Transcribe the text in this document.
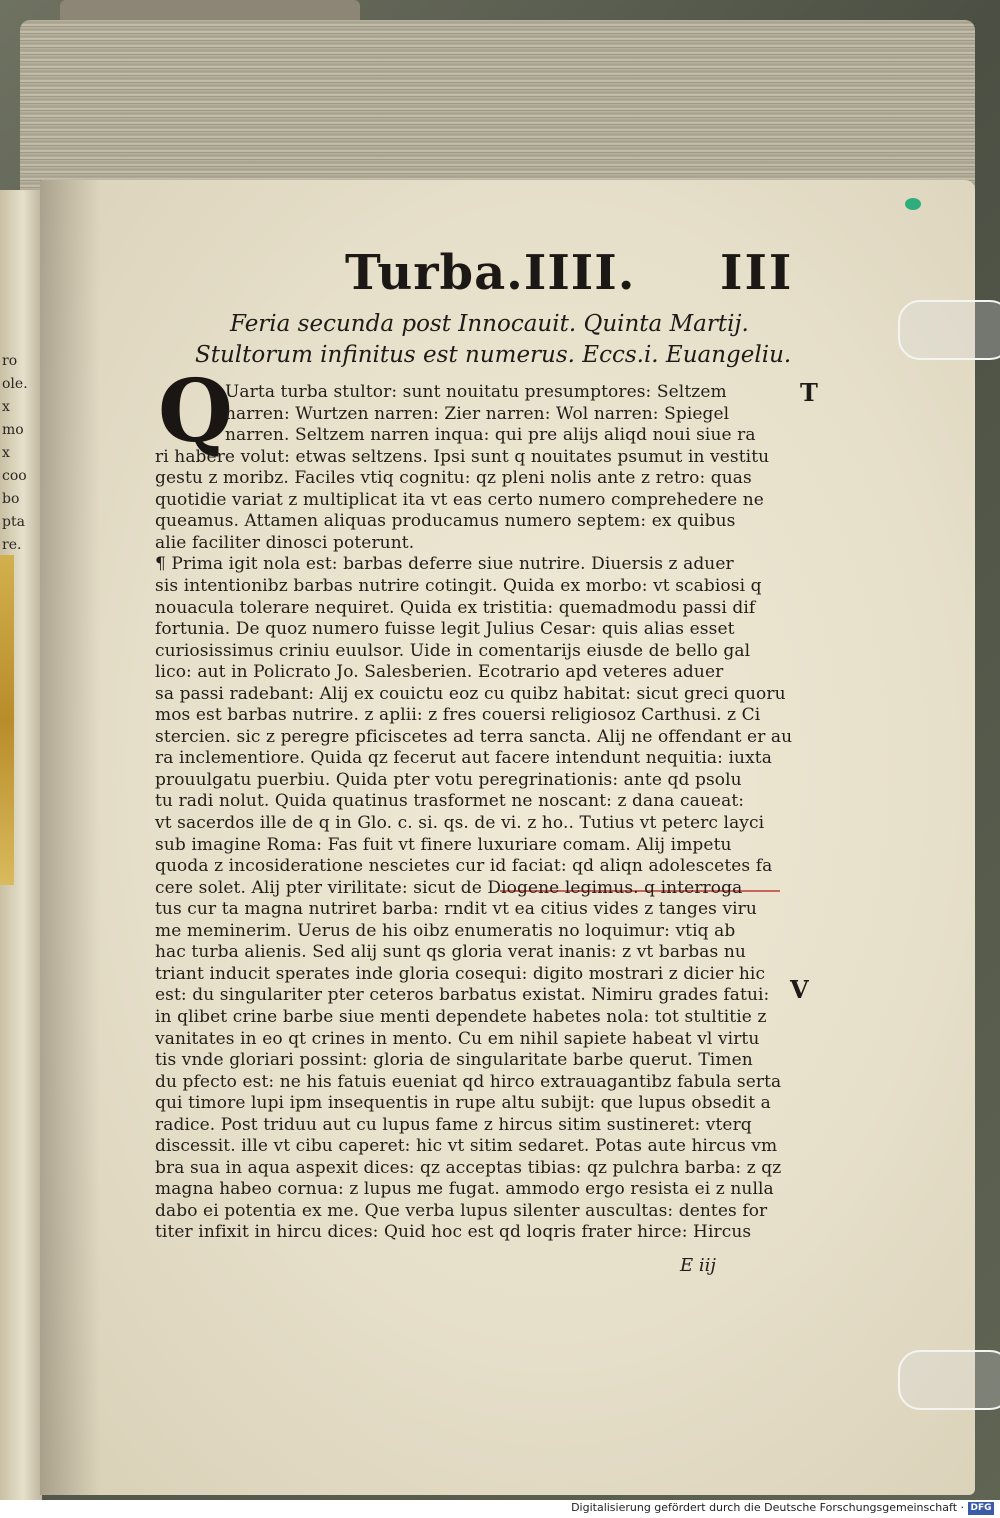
ro
ole.
x
mo
x
coo
bo
pta
re.
Turba.IIII. III
Feria secunda post Innocauit. Quinta Martij.
Stultorum infinitus est numerus. Eccs.i. Euangeliu.
Q	T
V
E iij
Digitalisierung gefördert durch die Deutsche Forschungsgemeinschaft · DFG
Uarta turba stultor: sunt nouitatu presumptores: Seltzem
narren: Wurtzen narren: Zier narren: Wol narren: Spiegel
narren. Seltzem narren inqua: qui pre alijs aliqd noui siue ra
ri habere volut: etwas seltzens. Ipsi sunt q nouitates psumut in vestitu
gestu z moribz. Faciles vtiq cognitu: qz pleni nolis ante z retro: quas
quotidie variat z multiplicat ita vt eas certo numero comprehedere ne
queamus. Attamen aliquas producamus numero septem: ex quibus
alie faciliter dinosci poterunt.
¶ Prima igit nola est: barbas deferre siue nutrire. Diuersis z aduer
sis intentionibz barbas nutrire cotingit. Quida ex morbo: vt scabiosi q
nouacula tolerare nequiret. Quida ex tristitia: quemadmodu passi dif
fortunia. De quoz numero fuisse legit Julius Cesar: quis alias esset
curiosissimus criniu euulsor. Uide in comentarijs eiusde de bello gal
lico: aut in Policrato Jo. Salesberien. Ecotrario apd veteres aduer
sa passi radebant: Alij ex couictu eoz cu quibz habitat: sicut greci quoru
mos est barbas nutrire. z aplii: z fres couersi religiosoz Carthusi. z Ci
stercien. sic z peregre pficiscetes ad terra sancta. Alij ne offendant er au
ra inclementiore. Quida qz fecerut aut facere intendunt nequitia: iuxta
prouulgatu puerbiu. Quida pter votu peregrinationis: ante qd psolu
tu radi nolut. Quida quatinus trasformet ne noscant: z dana caueat:
vt sacerdos ille de q in Glo. c. si. qs. de vi. z ho.. Tutius vt peterc layci
sub imagine Roma: Fas fuit vt finere luxuriare comam. Alij impetu
quoda z incosideratione nescietes cur id faciat: qd aliqn adolescetes fa
cere solet. Alij pter virilitate: sicut de Diogene legimus. q interroga
tus cur ta magna nutriret barba: rndit vt ea citius vides z tanges viru
me meminerim. Uerus de his oibz enumeratis no loquimur: vtiq ab
hac turba alienis. Sed alij sunt qs gloria verat inanis: z vt barbas nu
triant inducit sperates inde gloria cosequi: digito mostrari z dicier hic
est: du singulariter pter ceteros barbatus existat. Nimiru grades fatui:
in qlibet crine barbe siue menti dependete habetes nola: tot stultitie z
vanitates in eo qt crines in mento. Cu em nihil sapiete habeat vl virtu
tis vnde gloriari possint: gloria de singularitate barbe querut. Timen
du pfecto est: ne his fatuis eueniat qd hirco extrauagantibz fabula serta
qui timore lupi ipm insequentis in rupe altu subijt: que lupus obsedit a
radice. Post triduu aut cu lupus fame z hircus sitim sustineret: vterq
discessit. ille vt cibu caperet: hic vt sitim sedaret. Potas aute hircus vm
bra sua in aqua aspexit dices: qz acceptas tibias: qz pulchra barba: z qz
magna habeo cornua: z lupus me fugat. ammodo ergo resista ei z nulla
dabo ei potentia ex me. Que verba lupus silenter auscultas: dentes for
titer infixit in hircu dices: Quid hoc est qd loqris frater hirce: Hircus
